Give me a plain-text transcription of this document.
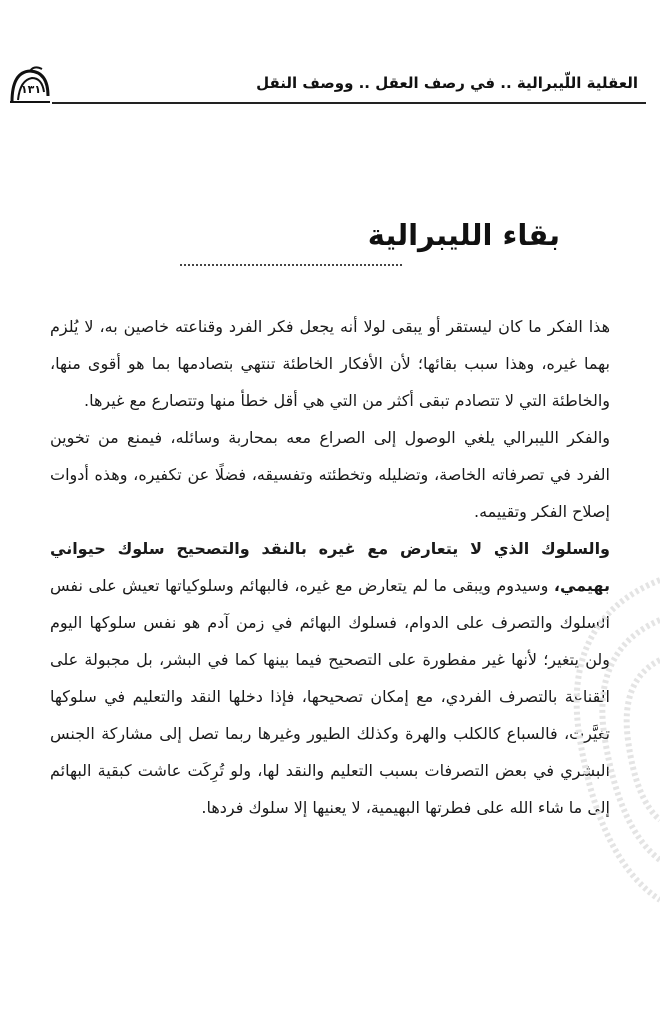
١٣١	العقلية اللّيبرالية .. في رصف العقل .. ووصف النقل
بقاء الليبرالية

هذا الفكر ما كان ليستقر أو يبقى لولا أنه يجعل فكر الفرد وقناعته خاصين به، لا يُلزم بهما غيره، وهذا سبب بقائها؛ لأن الأفكار الخاطئة تنتهي بتصادمها بما هو أقوى منها، والخاطئة التي لا تتصادم تبقى أكثر من التي هي أقل خطأ منها وتتصارع مع غيرها.

والفكر الليبرالي يلغي الوصول إلى الصراع معه بمحاربة وسائله، فيمنع من تخوين الفرد في تصرفاته الخاصة، وتضليله وتخطئته وتفسيقه، فضلًا عن تكفيره، وهذه أدوات إصلاح الفكر وتقييمه.

والسلوك الذي لا يتعارض مع غيره بالنقد والتصحيح سلوك حيواني بهيمي، وسيدوم ويبقى ما لم يتعارض مع غيره، فالبهائم وسلوكياتها تعيش على نفس السلوك والتصرف على الدوام، فسلوك البهائم في زمن آدم هو نفس سلوكها اليوم ولن يتغير؛ لأنها غير مفطورة على التصحيح فيما بينها كما في البشر، بل مجبولة على القناعة بالتصرف الفردي، مع إمكان تصحيحها، فإذا دخلها النقد والتعليم في سلوكها تغيَّرت، فالسباع كالكلب والهرة وكذلك الطيور وغيرها ربما تصل إلى مشاركة الجنس البشري في بعض التصرفات بسبب التعليم والنقد لها، ولو تُرِكَت عاشت كبقية البهائم إلى ما شاء الله على فطرتها البهيمية، لا يعنيها إلا سلوك فردها.
